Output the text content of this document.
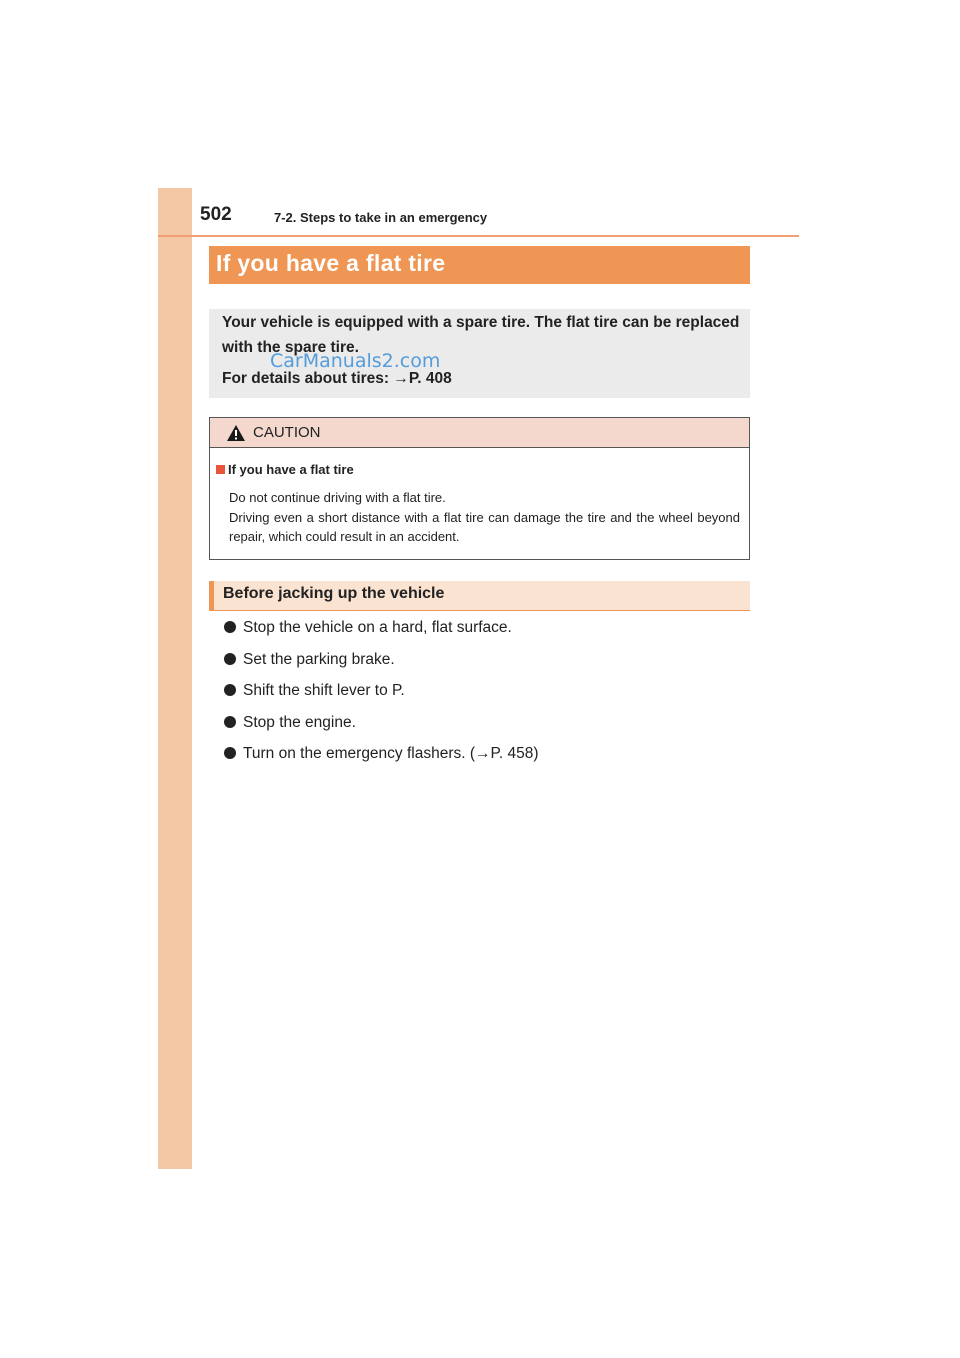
502	7-2. Steps to take in an emergency
If you have a flat tire
Your vehicle is equipped with a spare tire. The flat tire can be replaced
with the spare tire.
For details about tires: →P. 408
CarManuals2.com
CAUTION
If you have a flat tire

Do not continue driving with a flat tire.

Driving even a short distance with a flat tire can damage the tire and the wheel beyond repair, which could result in an accident.

Before jacking up the vehicle
Stop the vehicle on a hard, flat surface.
Set the parking brake.
Shift the shift lever to P.
Stop the engine.
Turn on the emergency flashers. (→P. 458)
